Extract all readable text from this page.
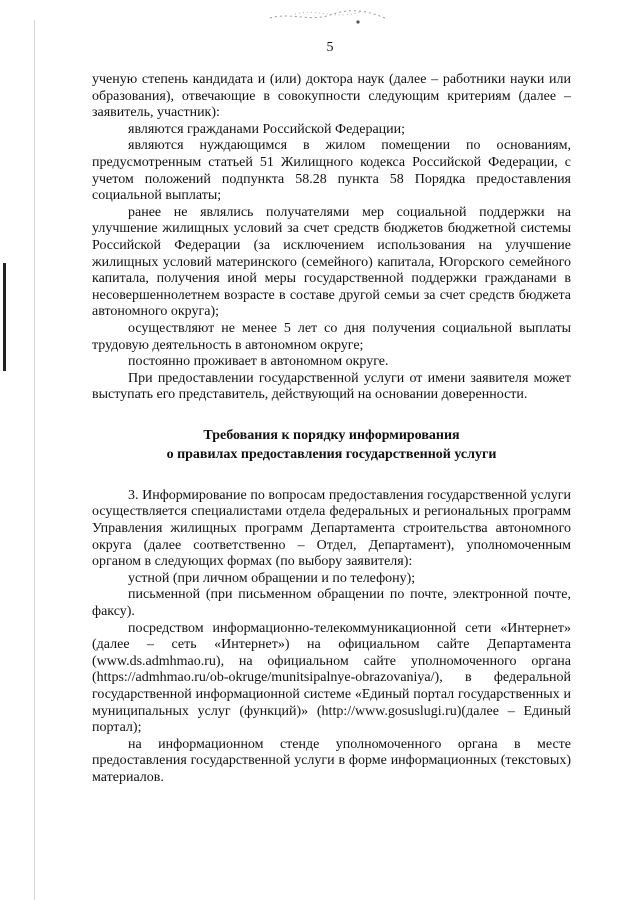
5

ученую степень кандидата и (или) доктора наук (далее – работники науки или образования), отвечающие в совокупности следующим критериям (далее – заявитель, участник):

являются гражданами Российской Федерации;

являются нуждающимся в жилом помещении по основаниям, предусмотренным статьей 51 Жилищного кодекса Российской Федерации, с учетом положений подпункта 58.28 пункта 58 Порядка предоставления социальной выплаты;

ранее не являлись получателями мер социальной поддержки на улучшение жилищных условий за счет средств бюджетов бюджетной системы Российской Федерации (за исключением использования на улучшение жилищных условий материнского (семейного) капитала, Югорского семейного капитала, получения иной меры государственной поддержки гражданами в несовершеннолетнем возрасте в составе другой семьи за счет средств бюджета автономного округа);

осуществляют не менее 5 лет со дня получения социальной выплаты трудовую деятельность в автономном округе;

постоянно проживает в автономном округе.

При предоставлении государственной услуги от имени заявителя может выступать его представитель, действующий на основании доверенности.

Требования к порядку информирования
о правилах предоставления государственной услуги

3. Информирование по вопросам предоставления государственной услуги осуществляется специалистами отдела федеральных и региональных программ Управления жилищных программ Департамента строительства автономного округа (далее соответственно – Отдел, Департамент), уполномоченным органом в следующих формах (по выбору заявителя):

устной (при личном обращении и по телефону);

письменной (при письменном обращении по почте, электронной почте, факсу).

посредством информационно-телекоммуникационной сети «Интернет» (далее – сеть «Интернет») на официальном сайте Департамента (www.ds.admhmao.ru), на официальном сайте уполномоченного органа (https://admhmao.ru/ob-okruge/munitsipalnye-obrazovaniya/), в федеральной государственной информационной системе «Единый портал государственных и муниципальных услуг (функций)» (http://www.gosuslugi.ru)(далее – Единый портал);

на информационном стенде уполномоченного органа в месте предоставления государственной услуги в форме информационных (текстовых) материалов.
